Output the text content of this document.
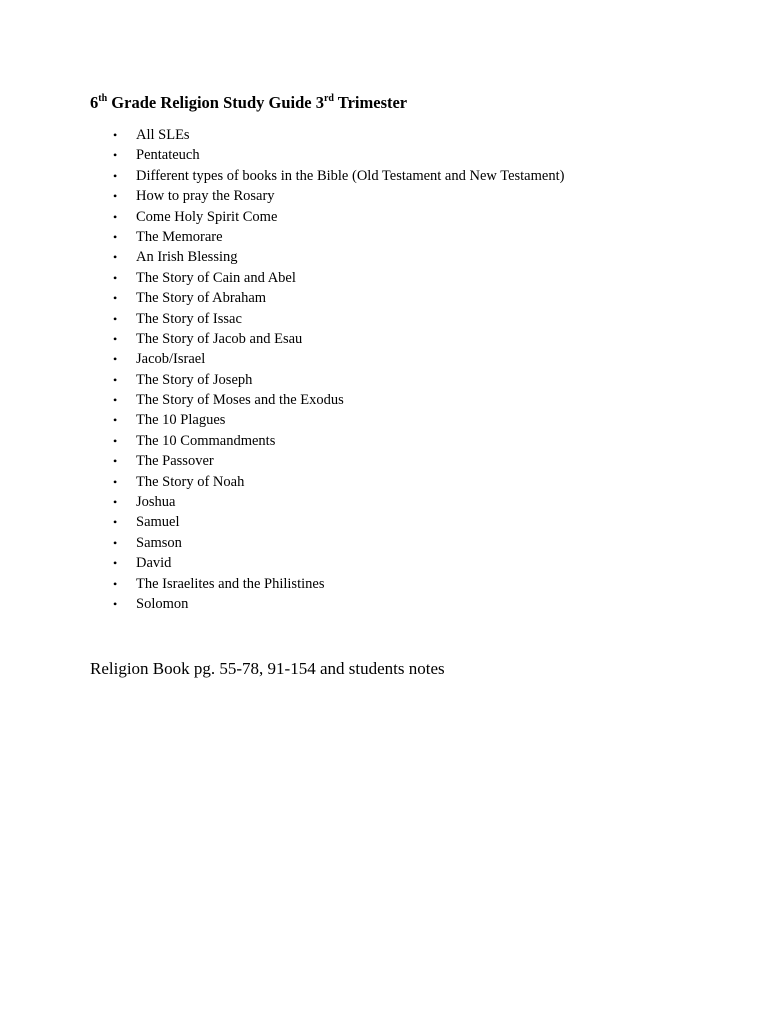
6th Grade Religion Study Guide 3rd Trimester
• All SLEs
• Pentateuch
• Different types of books in the Bible (Old Testament and New Testament)
• How to pray the Rosary
• Come Holy Spirit Come
• The Memorare
• An Irish Blessing
• The Story of Cain and Abel
• The Story of Abraham
• The Story of Issac
• The Story of Jacob and Esau
• Jacob/Israel
• The Story of Joseph
• The Story of Moses and the Exodus
• The 10 Plagues
• The 10 Commandments
• The Passover
• The Story of Noah
• Joshua
• Samuel
• Samson
• David
• The Israelites and the Philistines
• Solomon

Religion Book pg. 55-78, 91-154 and students notes
